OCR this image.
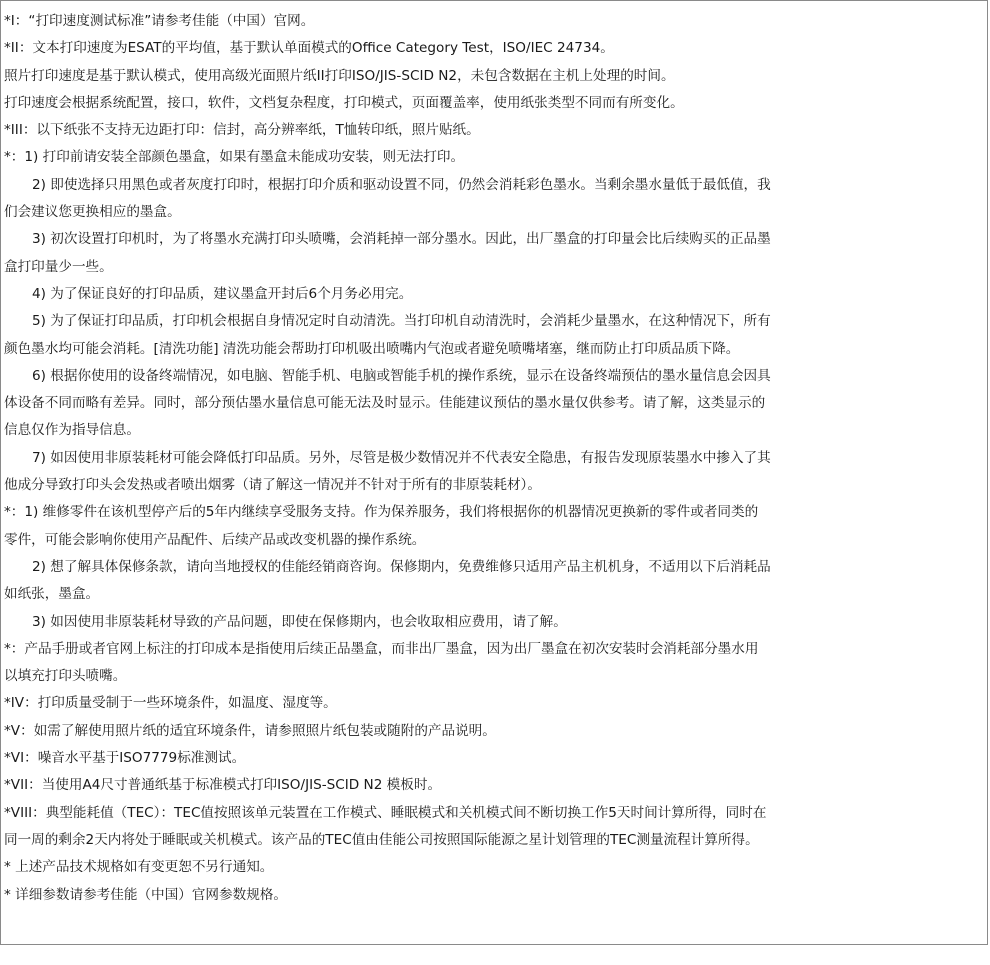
*I：“打印速度测试标准”请参考佳能（中国）官网。
*II：文本打印速度为ESAT的平均值，基于默认单面模式的Office Category Test，ISO/IEC 24734。
照片打印速度是基于默认模式，使用高级光面照片纸II打印ISO/JIS-SCID N2，未包含数据在主机上处理的时间。
打印速度会根据系统配置，接口，软件，文档复杂程度，打印模式，页面覆盖率，使用纸张类型不同而有所变化。
*III：以下纸张不支持无边距打印：信封，高分辨率纸，T恤转印纸，照片贴纸。
*：1) 打印前请安装全部颜色墨盒，如果有墨盒未能成功安装，则无法打印。
2) 即使选择只用黑色或者灰度打印时，根据打印介质和驱动设置不同，仍然会消耗彩色墨水。当剩余墨水量低于最低值，我
们会建议您更换相应的墨盒。
3) 初次设置打印机时，为了将墨水充满打印头喷嘴，会消耗掉一部分墨水。因此，出厂墨盒的打印量会比后续购买的正品墨
盒打印量少一些。
4) 为了保证良好的打印品质，建议墨盒开封后6个月务必用完。
5) 为了保证打印品质，打印机会根据自身情况定时自动清洗。当打印机自动清洗时，会消耗少量墨水，在这种情况下，所有
颜色墨水均可能会消耗。[清洗功能] 清洗功能会帮助打印机吸出喷嘴内气泡或者避免喷嘴堵塞，继而防止打印质品质下降。
6) 根据你使用的设备终端情况，如电脑、智能手机、电脑或智能手机的操作系统，显示在设备终端预估的墨水量信息会因具
体设备不同而略有差异。同时，部分预估墨水量信息可能无法及时显示。佳能建议预估的墨水量仅供参考。请了解，这类显示的
信息仅作为指导信息。
7) 如因使用非原装耗材可能会降低打印品质。另外，尽管是极少数情况并不代表安全隐患，有报告发现原装墨水中掺入了其
他成分导致打印头会发热或者喷出烟雾（请了解这一情况并不针对于所有的非原装耗材）。
*：1) 维修零件在该机型停产后的5年内继续享受服务支持。作为保养服务，我们将根据你的机器情况更换新的零件或者同类的
零件，可能会影响你使用产品配件、后续产品或改变机器的操作系统。
2) 想了解具体保修条款，请向当地授权的佳能经销商咨询。保修期内，免费维修只适用产品主机机身，不适用以下后消耗品
如纸张，墨盒。
3) 如因使用非原装耗材导致的产品问题，即使在保修期内，也会收取相应费用，请了解。
*：产品手册或者官网上标注的打印成本是指使用后续正品墨盒，而非出厂墨盒，因为出厂墨盒在初次安装时会消耗部分墨水用
以填充打印头喷嘴。
*IV：打印质量受制于一些环境条件，如温度、湿度等。
*V：如需了解使用照片纸的适宜环境条件，请参照照片纸包装或随附的产品说明。
*VI：噪音水平基于ISO7779标准测试。
*VII：当使用A4尺寸普通纸基于标准模式打印ISO/JIS-SCID N2 模板时。
*VIII：典型能耗值（TEC）：TEC值按照该单元装置在工作模式、睡眠模式和关机模式间不断切换工作5天时间计算所得，同时在
同一周的剩余2天内将处于睡眠或关机模式。该产品的TEC值由佳能公司按照国际能源之星计划管理的TEC测量流程计算所得。
* 上述产品技术规格如有变更恕不另行通知。
* 详细参数请参考佳能（中国）官网参数规格。
